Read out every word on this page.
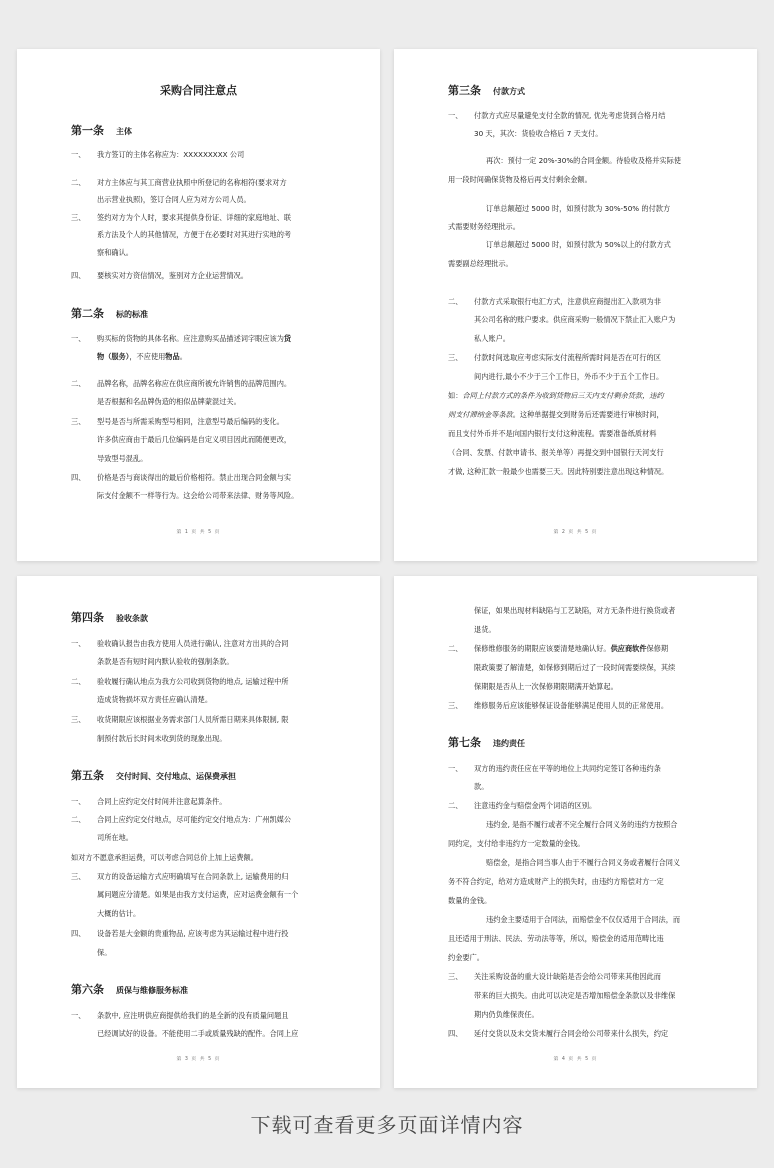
采购合同注意点
第一条 主体
一、 我方签订的主体名称应为：XXXXXXXXX 公司
二、 对方主体应与其工商营业执照中所登记的名称相符(要求对方
出示营业执照)，签订合同人应为对方公司人员。
三、 签约对方为个人时，要求其提供身份证、详细的家庭地址、联
系方法及个人的其他情况，方便于在必要时对其进行实地的考
察和确认。
四、 要核实对方资信情况，鉴别对方企业运营情况。
第二条 标的标准
一、 购买标的货物的具体名称。应注意购买品描述词字眼应该为货
物（服务），不应使用物品。
二、 品牌名称，品牌名称应在供应商所被允许销售的品牌范围内。
是否根据和名品牌伪造的相似品牌蒙混过关。
三、 型号是否与所需采购型号相同，注意型号最后编码的变化。
许多供应商由于最后几位编码是自定义项目因此而随便更改，
导致型号混乱。
四、 价格是否与商谈得出的最后价格相符。禁止出现合同金额与实
际支付金额不一样等行为。这会给公司带来法律、财务等风险。
第 1 页 共 5 页
第三条 付款方式
一、 付款方式应尽量避免支付全款的情况, 优先考虑货到合格月结
30 天，其次：货验收合格后 7 天支付。
再次：预付一定 20%-30%的合同金额。待验收及格并实际使
用一段时间确保货物及格后再支付剩余金额。
订单总额超过 5000 时，如预付款为 30%-50% 的付款方
式需要财务经理批示。
订单总额超过 5000 时，如预付款为 50%以上的付款方式
需要副总经理批示。
二、 付款方式采取银行电汇方式，注意供应商提出汇入款项为非
其公司名称的账户要求。供应商采购一般情况下禁止汇入账户为
私人账户。
三、 付款时间选取应考虑实际支付流程所需时间是否在可行的区
间内进行,最小不少于三个工作日，外币不少于五个工作日。
如：合同上付款方式的条件为收到货物后三天内支付剩余货款，违约
则支付滞纳金等条款。这种单据提交到财务后还需要进行审核时间，
而且支付外币并不是向国内银行支付这种流程。需要准备纸质材料
（合同、发票、付款申请书、报关单等）再提交到中国银行天河支行
才做, 这种汇款一般最少也需要三天。因此特别要注意出现这种情况。
第 2 页 共 5 页
第四条 验收条款
一、 验收确认报告由我方使用人员进行确认, 注意对方出具的合同
条款是否有短时间内默认验收的强制条款。
二、 验收履行确认地点为我方公司收到货物的地点, 运输过程中所
造成货物损坏双方责任应确认清楚。
三、 收货期限应该根据业务需求部门人员所需日期来具体限制, 限
制预付款后长时间未收到货的现象出现。
第五条 交付时间、交付地点、运保费承担
一、 合同上应约定交付时间并注意起算条件。
二、 合同上应约定交付地点，尽可能约定交付地点为：广州凯媒公
司所在地。
如对方不愿意承担运费，可以考虑合同总价上加上运费额。
三、 双方的设备运输方式应明确填写在合同条款上, 运输费用的归
属问题应分清楚。如果是由我方支付运费，应对运费金额有一个
大概的估计。
四、 设备若是大金额的贵重物品, 应该考虑为其运输过程中进行投
保。
第六条 质保与维修服务标准
一、 条款中, 应注明供应商提供给我们的是全新的没有质量问题且
已经调试好的设备。不能使用二手或质量残缺的配件。合同上应
第 3 页 共 5 页
保证，如果出现材料缺陷与工艺缺陷，对方无条件进行换货或者
退货。
二、 保修维修服务的期限应该要清楚地确认好。供应商软件保修期
限政策要了解清楚，如保修到期后过了一段时间需要续保，其续
保期限是否从上一次保修期限期满开始算起。
三、 维修服务后应该能够保证设备能够满足使用人员的正常使用。
第七条 违约责任
一、 双方的违约责任应在平等的地位上共同约定签订各种违约条
款。
二、 注意违约金与赔偿金两个词语的区别。
违约金, 是指不履行或者不完全履行合同义务的违约方按照合
同约定，支付给非违约方一定数量的金钱。
赔偿金，是指合同当事人由于不履行合同义务或者履行合同义
务不符合约定，给对方造成财产上的损失时，由违约方赔偿对方一定
数量的金钱。
违约金主要适用于合同法，而赔偿金不仅仅适用于合同法，而
且还适用于刑法、民法、劳动法等等，所以，赔偿金的适用范畴比违
约金要广。
三、 关注采购设备的重大设计缺陷是否会给公司带来其他因此而
带来的巨大损失。由此可以决定是否增加赔偿金条款以及非维保
期内仍负维保责任。
四、 延付交货以及未交货未履行合同会给公司带来什么损失，约定
第 4 页 共 5 页
下载可查看更多页面详情内容
